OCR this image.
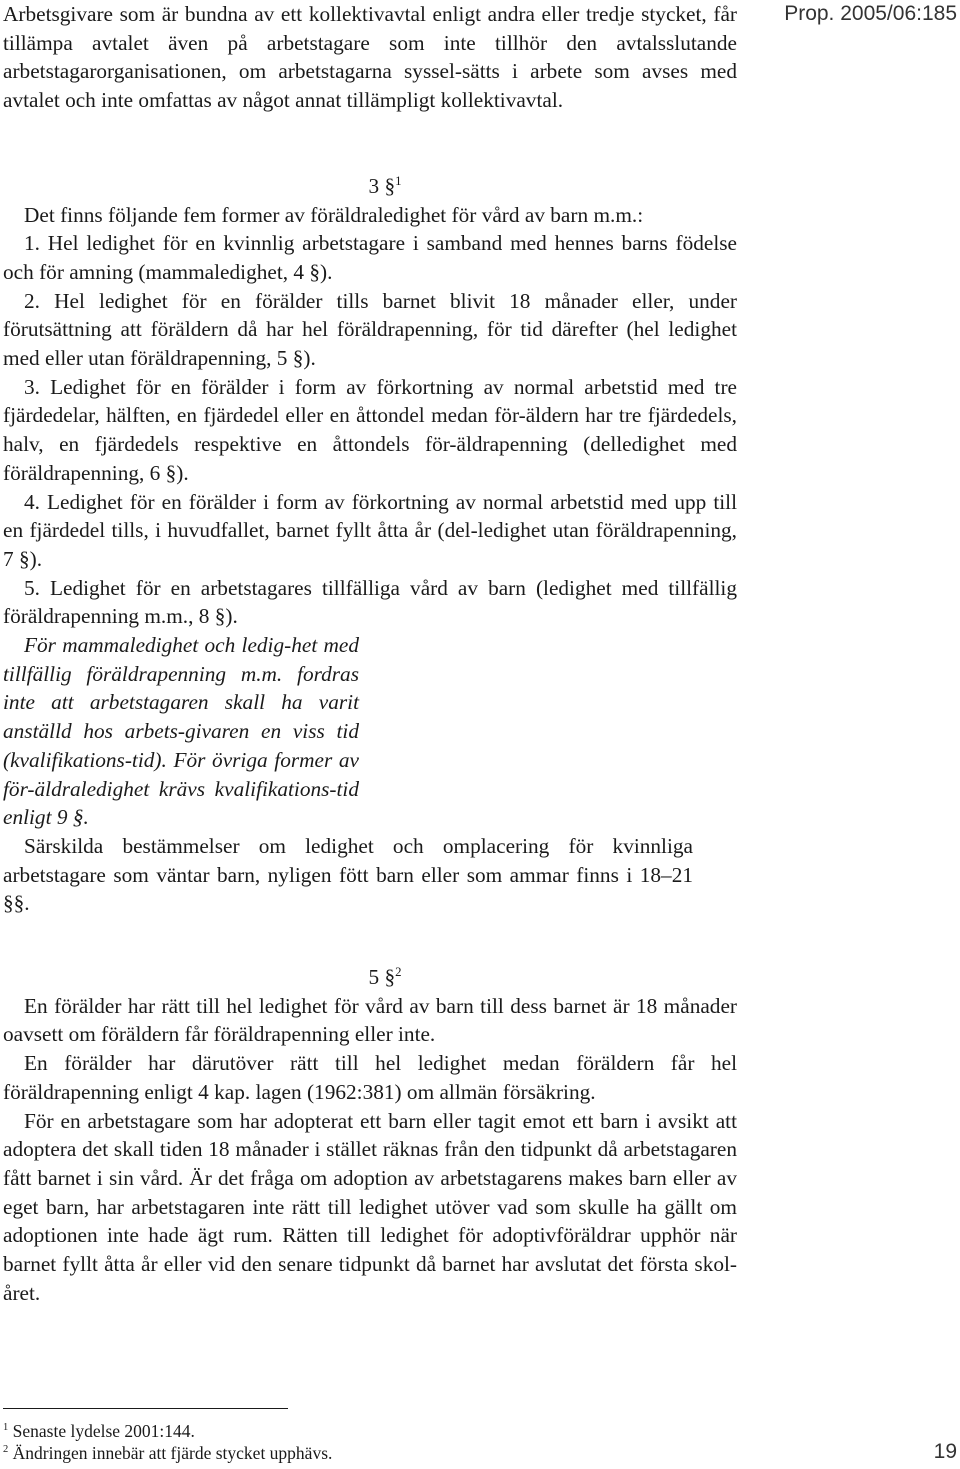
Prop. 2005/06:185

Arbetsgivare som är bundna av ett kollektivavtal enligt andra eller tredje stycket, får tillämpa avtalet även på arbetstagare som inte tillhör den avtalsslutande arbetstagarorganisationen, om arbetstagarna syssel-sätts i arbete som avses med avtalet och inte omfattas av något annat tillämpligt kollektivavtal.

3 §$^1$

Det finns följande fem former av föräldraledighet för vård av barn m.m.:

1. Hel ledighet för en kvinnlig arbetstagare i samband med hennes barns födelse och för amning (mammaledighet, 4 §).

2. Hel ledighet för en förälder tills barnet blivit 18 månader eller, under förutsättning att föräldern då har hel föräldrapenning, för tid därefter (hel ledighet med eller utan föräldrapenning, 5 §).

3. Ledighet för en förälder i form av förkortning av normal arbetstid med tre fjärdedelar, hälften, en fjärdedel eller en åttondel medan för-äldern har tre fjärdedels, halv, en fjärdedels respektive en åttondels för-äldrapenning (delledighet med föräldrapenning, 6 §).

4. Ledighet för en förälder i form av förkortning av normal arbetstid med upp till en fjärdedel tills, i huvudfallet, barnet fyllt åtta år (del-ledighet utan föräldrapenning, 7 §).

5. Ledighet för en arbetstagares tillfälliga vård av barn (ledighet med tillfällig föräldrapenning m.m., 8 §).

För mammaledighet och ledig-het med tillfällig föräldrapenning m.m. fordras inte att arbetstagaren skall ha varit anställd hos arbets-givaren en viss tid (kvalifikations-tid). För övriga former av för-äldraledighet krävs kvalifikations-tid enligt 9 §.

Särskilda bestämmelser om ledighet och omplacering för kvinnliga arbetstagare som väntar barn, nyligen fött barn eller som ammar finns i 18–21 §§.

5 §$^2$

En förälder har rätt till hel ledighet för vård av barn till dess barnet är 18 månader oavsett om föräldern får föräldrapenning eller inte.

En förälder har därutöver rätt till hel ledighet medan föräldern får hel föräldrapenning enligt 4 kap. lagen (1962:381) om allmän försäkring.

För en arbetstagare som har adopterat ett barn eller tagit emot ett barn i avsikt att adoptera det skall tiden 18 månader i stället räknas från den tidpunkt då arbetstagaren fått barnet i sin vård. Är det fråga om adoption av arbetstagarens makes barn eller av eget barn, har arbetstagaren inte rätt till ledighet utöver vad som skulle ha gällt om adoptionen inte hade ägt rum. Rätten till ledighet för adoptivföräldrar upphör när barnet fyllt åtta år eller vid den senare tidpunkt då barnet har avslutat det första skol-året.

$^1$ Senaste lydelse 2001:144.

$^2$ Ändringen innebär att fjärde stycket upphävs.	19
